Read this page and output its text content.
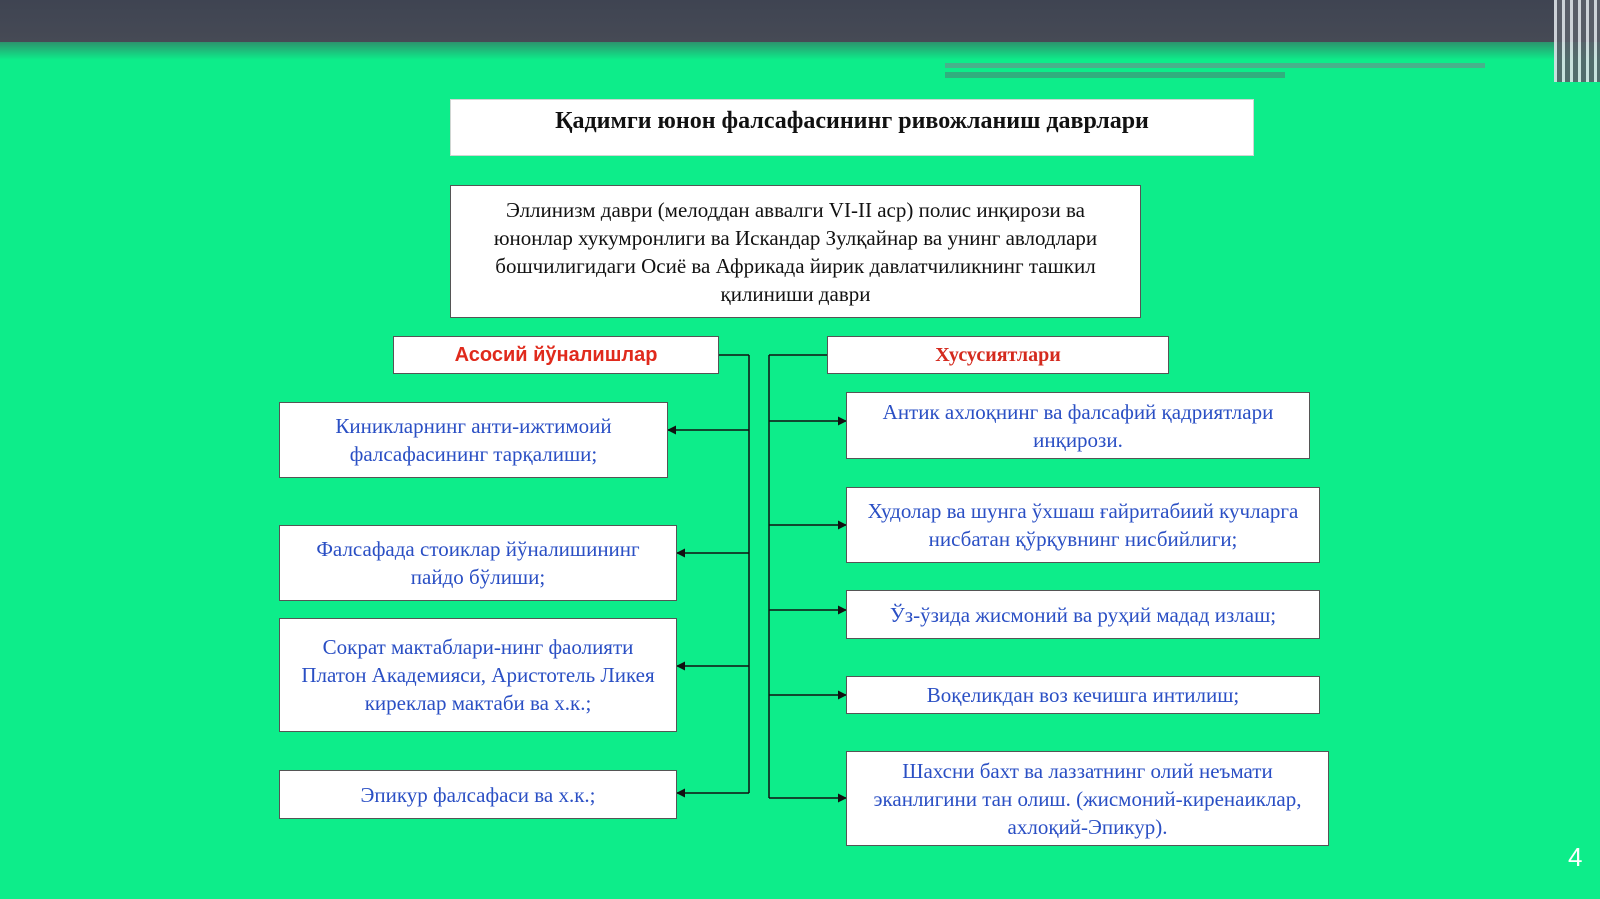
Қадимги юнон фалсафасининг ривожланиш даврлари
Эллинизм даври (мелоддан аввалги VI-II аср) полис инқирози ва юнонлар хукумронлиги ва Искандар Зулқайнар ва унинг авлодлари бошчилигидаги Осиё ва Африкада йирик давлатчиликнинг ташкил қилиниши даври
Асосий йўналишлар	Хусусиятлари
Киникларнинг анти-ижтимоий фалсафасининг тарқалиши;
Фалсафада стоиклар йўналишининг пайдо бўлиши;
Сократ мактаблари-нинг фаолияти Платон Академияси, Аристотель Ликея киреклар мактаби ва х.к.;
Эпикур фалсафаси ва х.к.;
Антик ахлоқнинг ва фалсафий қадриятлари инқирози.
Худолар ва шунга ўхшаш ғайритабиий кучларга нисбатан қўрқувнинг нисбийлиги;
Ўз-ўзида жисмоний ва руҳий мадад излаш;
Воқеликдан воз кечишга интилиш;
Шахсни бахт ва лаззатнинг олий неъмати эканлигини тан олиш. (жисмоний-киренаиклар, ахлоқий-Эпикур).
4
